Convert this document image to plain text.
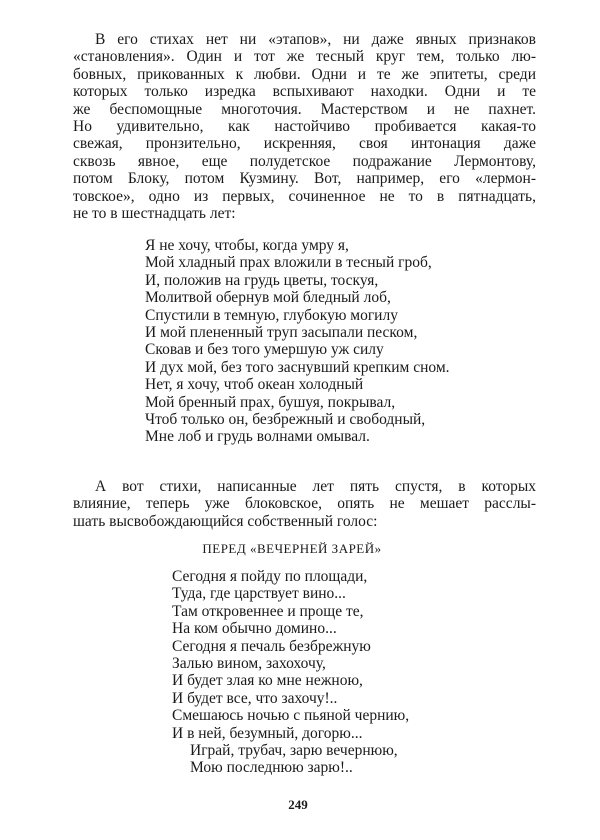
В его стихах нет ни «этапов», ни даже явных признаков
«становления». Один и тот же тесный круг тем, только лю-
бовных, прикованных к любви. Одни и те же эпитеты, среди
которых только изредка вспыхивают находки. Одни и те
же беспомощные многоточия. Мастерством и не пахнет.
Но удивительно, как настойчиво пробивается какая-то
свежая, пронзительно, искренняя, своя интонация даже
сквозь явное, еще полудетское подражание Лермонтову,
потом Блоку, потом Кузмину. Вот, например, его «лермон-
товское», одно из первых, сочиненное не то в пятнадцать,
не то в шестнадцать лет:
Я не хочу, чтобы, когда умру я,
Мой хладный прах вложили в тесный гроб,
И, положив на грудь цветы, тоскуя,
Молитвой обернув мой бледный лоб,
Спустили в темную, глубокую могилу
И мой плененный труп засыпали песком,
Сковав и без того умершую уж силу
И дух мой, без того заснувший крепким сном.
Нет, я хочу, чтоб океан холодный
Мой бренный прах, бушуя, покрывал,
Чтоб только он, безбрежный и свободный,
Мне лоб и грудь волнами омывал.
А вот стихи, написанные лет пять спустя, в которых
влияние, теперь уже блоковское, опять не мешает расслы-
шать высвобождающийся собственный голос:
ПЕРЕД «ВЕЧЕРНЕЙ ЗАРЕЙ»
Сегодня я пойду по площади,
Туда, где царствует вино...
Там откровеннее и проще те,
На ком обычно домино...
Сегодня я печаль безбрежную
Залью вином, захохочу,
И будет злая ко мне нежною,
И будет все, что захочу!..
Смешаюсь ночью с пьяной чернию,
И в ней, безумный, догорю...
Играй, трубач, зарю вечернюю,
Мою последнюю зарю!..
249
